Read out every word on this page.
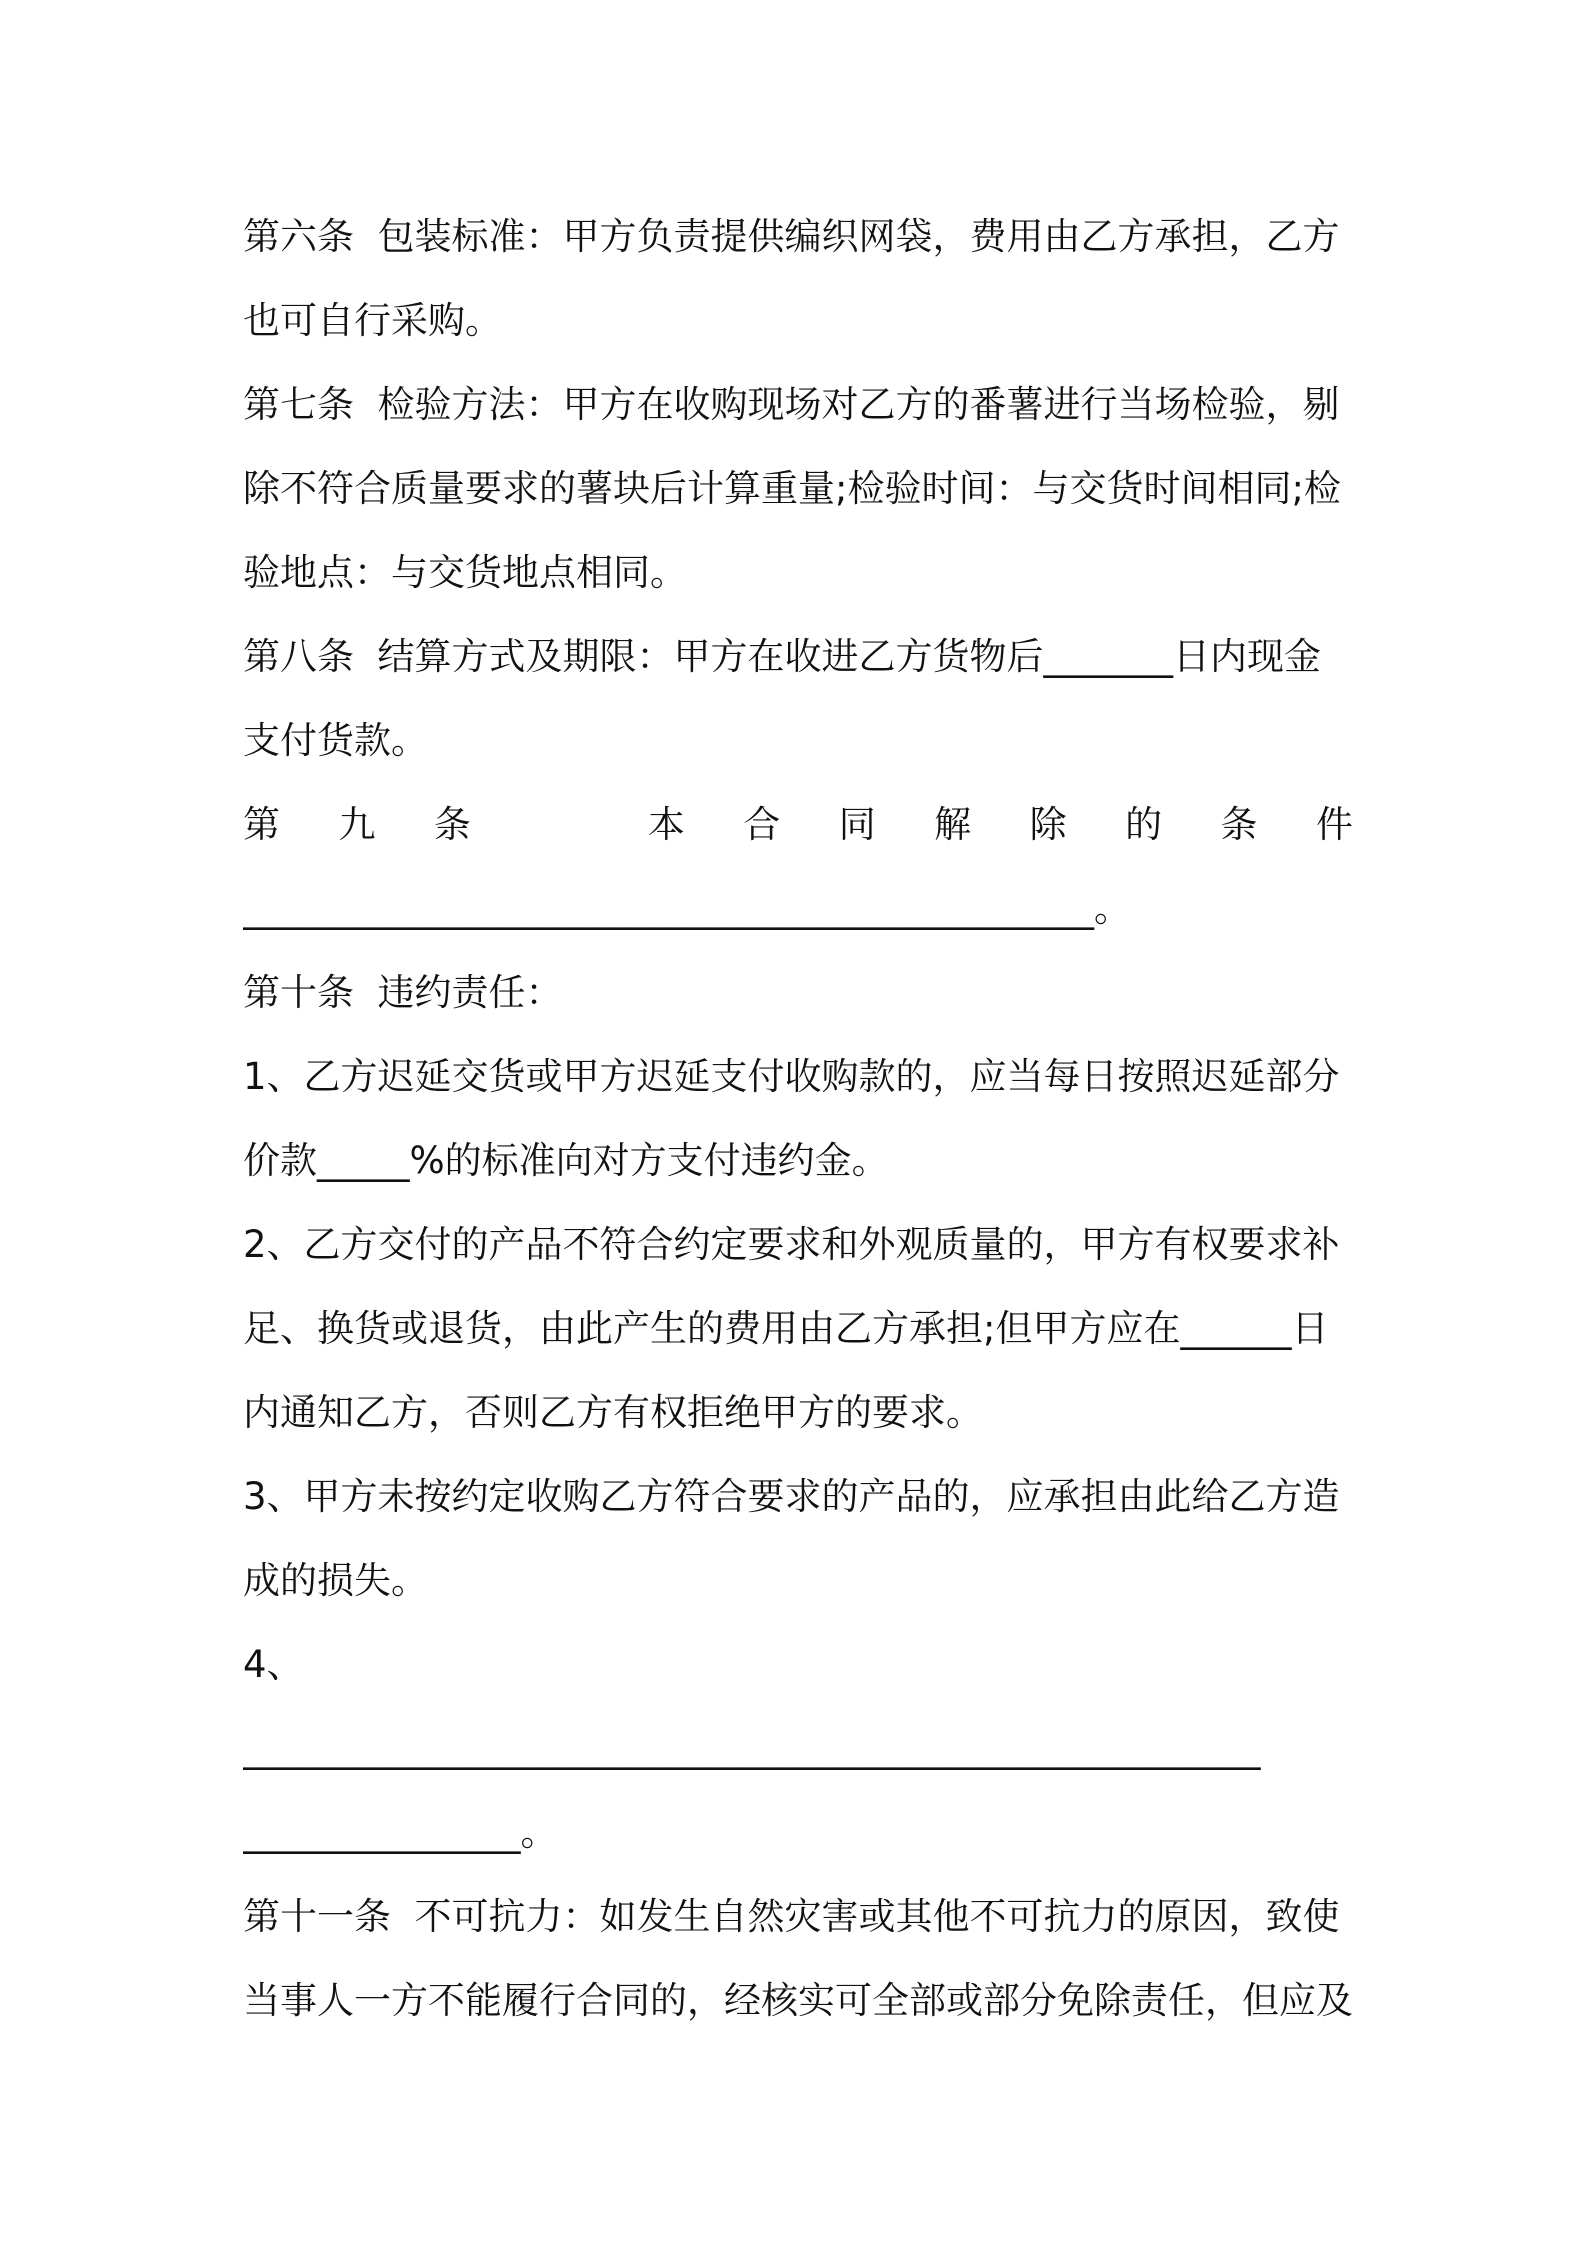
第六条  包装标准：甲方负责提供编织网袋，费用由乙方承担，乙方
也可自行采购。
第七条  检验方法：甲方在收购现场对乙方的番薯进行当场检验，剔
除不符合质量要求的薯块后计算重量;检验时间：与交货时间相同;检
验地点：与交货地点相同。
第八条  结算方式及期限：甲方在收进乙方货物后_______日内现金
支付货款。
第 九 条	本 合 同 解 除 的 条 件
______________________________________________。
第十条  违约责任：
1、乙方迟延交货或甲方迟延支付收购款的，应当每日按照迟延部分
价款_____%的标准向对方支付违约金。
2、乙方交付的产品不符合约定要求和外观质量的，甲方有权要求补
足、换货或退货，由此产生的费用由乙方承担;但甲方应在______日
内通知乙方，否则乙方有权拒绝甲方的要求。
3、甲方未按约定收购乙方符合要求的产品的，应承担由此给乙方造
成的损失。
4、
_______________________________________________________
_______________。
第十一条  不可抗力：如发生自然灾害或其他不可抗力的原因，致使
当事人一方不能履行合同的，经核实可全部或部分免除责任，但应及
